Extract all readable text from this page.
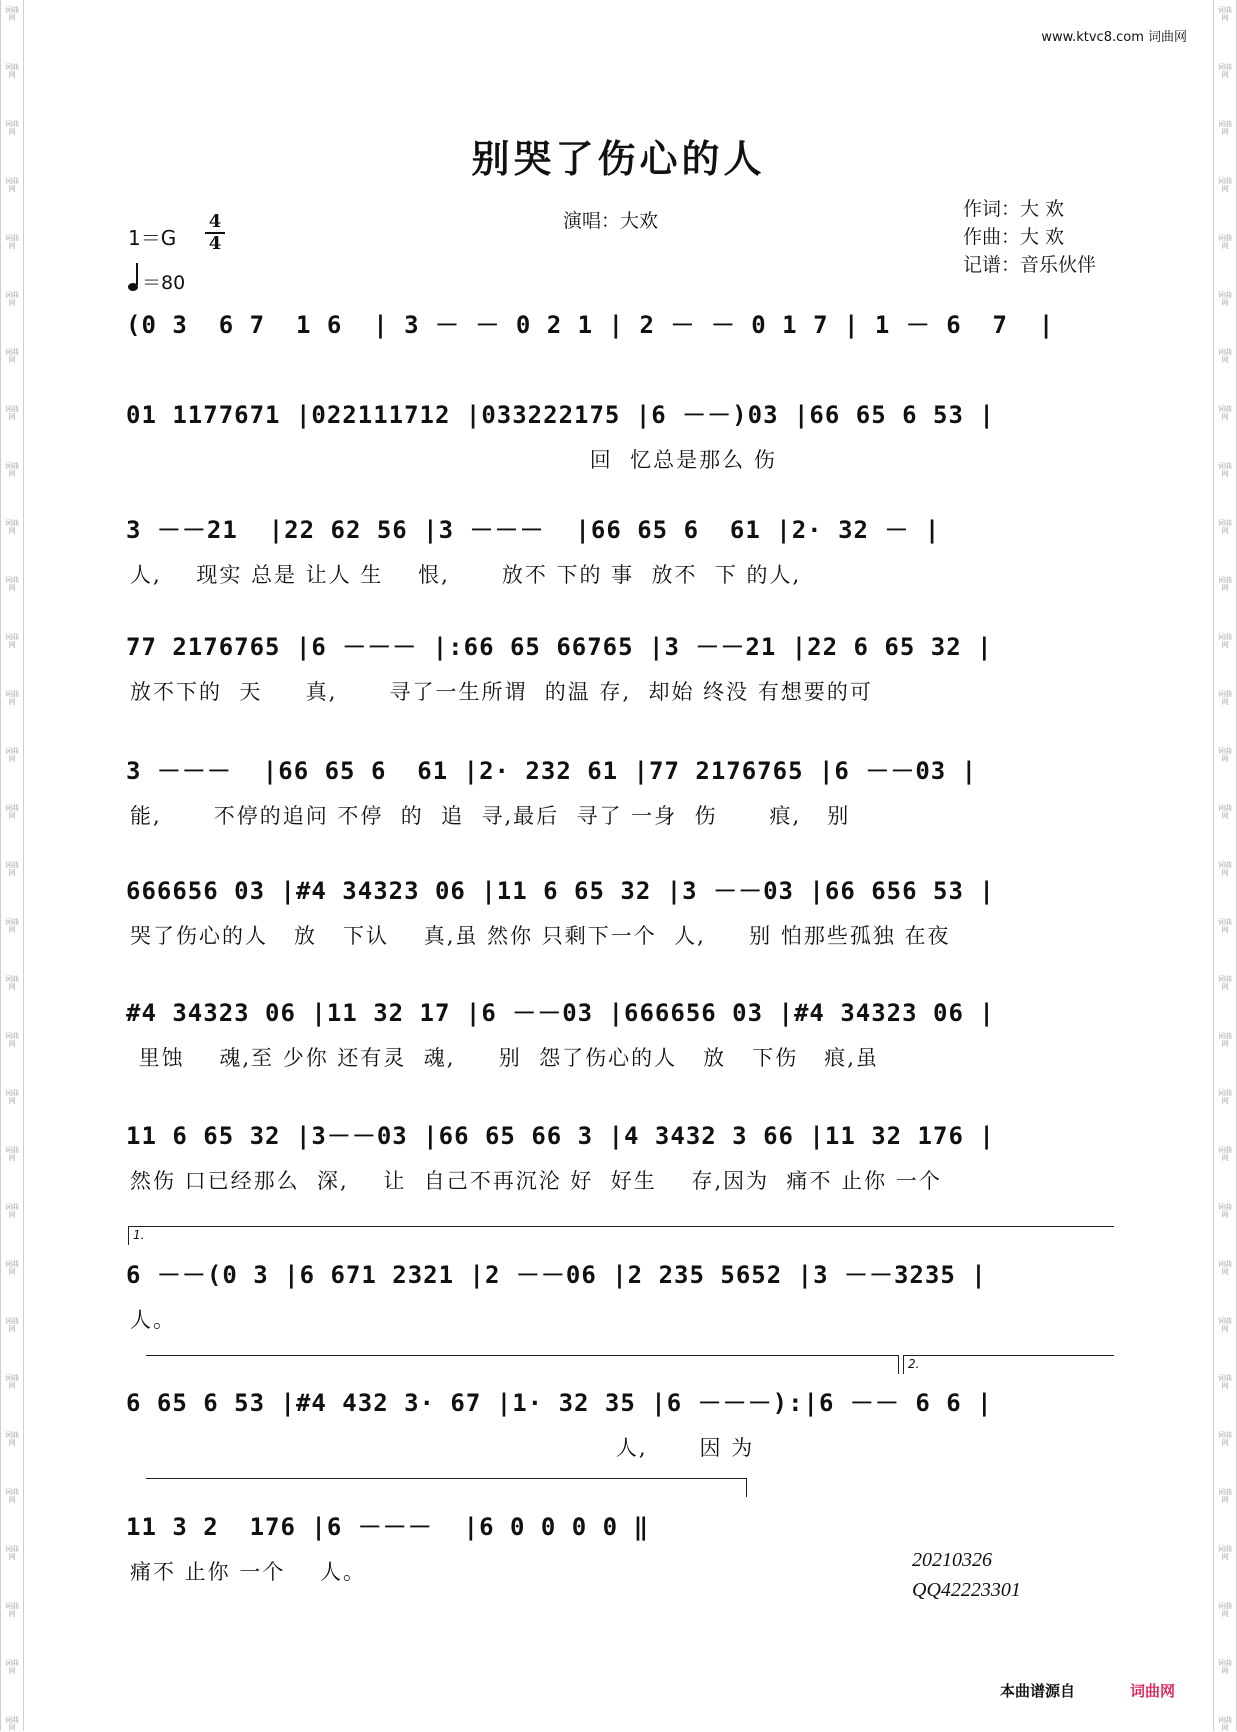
词曲网
词曲网
词曲网
词曲网
词曲网
词曲网
词曲网
词曲网
词曲网
词曲网
词曲网
词曲网
词曲网
词曲网
词曲网
词曲网
词曲网
词曲网
词曲网
词曲网
词曲网
词曲网
词曲网
词曲网
词曲网
词曲网
词曲网
词曲网
词曲网
词曲网
词曲网
词曲网
词曲网
词曲网
词曲网
词曲网
词曲网
词曲网
词曲网
词曲网
词曲网
词曲网
词曲网
词曲网
词曲网
词曲网
词曲网
词曲网
词曲网
词曲网
词曲网
词曲网
词曲网
词曲网
词曲网
词曲网
词曲网
词曲网
词曲网
词曲网
词曲网
词曲网
www.ktvc8.com 词曲网
别哭了伤心的人
演唱：大欢
作词：大 欢
作曲：大 欢
记谱：音乐伙伴
1＝G
4
4
＝80
(0 3  6 7  1 6  | 3 － － 0 2 1 | 2 － － 0 1 7 | 1 － 6  7  |
01 1177671 |022111712 |033222175 |6 －－)03 |66 65 6 53 |
回  忆总是那么 伤
3 －－21  |22 62 56 |3 －－－  |66 65 6  61 |2· 32 － |
人,    现实 总是 让人 生    恨,      放不 下的 事  放不  下 的人,
77 2176765 |6 －－－ |:66 65 66765 |3 －－21 |22 6 65 32 |
放不下的  天     真,      寻了一生所谓  的温 存,  却始 终没 有想要的可
3 －－－  |66 65 6  61 |2· 232 61 |77 2176765 |6 －－03 |
能,      不停的追问 不停  的  追  寻,最后  寻了 一身  伤      痕,   别
666656 03 |#4 34323 06 |11 6 65 32 |3 －－03 |66 656 53 |
哭了伤心的人   放   下认    真,虽 然你 只剩下一个  人,     别 怕那些孤独 在夜
#4 34323 06 |11 32 17 |6 －－03 |666656 03 |#4 34323 06 |
里蚀    魂,至 少你 还有灵  魂,     别  怨了伤心的人   放   下伤   痕,虽
11 6 65 32 |3－－03 |66 65 66 3 |4 3432 3 66 |11 32 176 |
然伤 口已经那么  深,    让  自己不再沉沦 好  好生    存,因为  痛不 止你 一个
1.
6 －－(0 3 |6 671 2321 |2 －－06 |2 235 5652 |3 －－3235 |
人。
2.
6 65 6 53 |#4 432 3· 67 |1· 32 35 |6 －－－):|6 －－ 6 6 |
人,      因 为
11 3 2  176 |6 －－－  |6 0 0 0 0 ‖
痛不 止你 一个    人。	20210326
QQ42223301
本曲谱源自	词曲网
